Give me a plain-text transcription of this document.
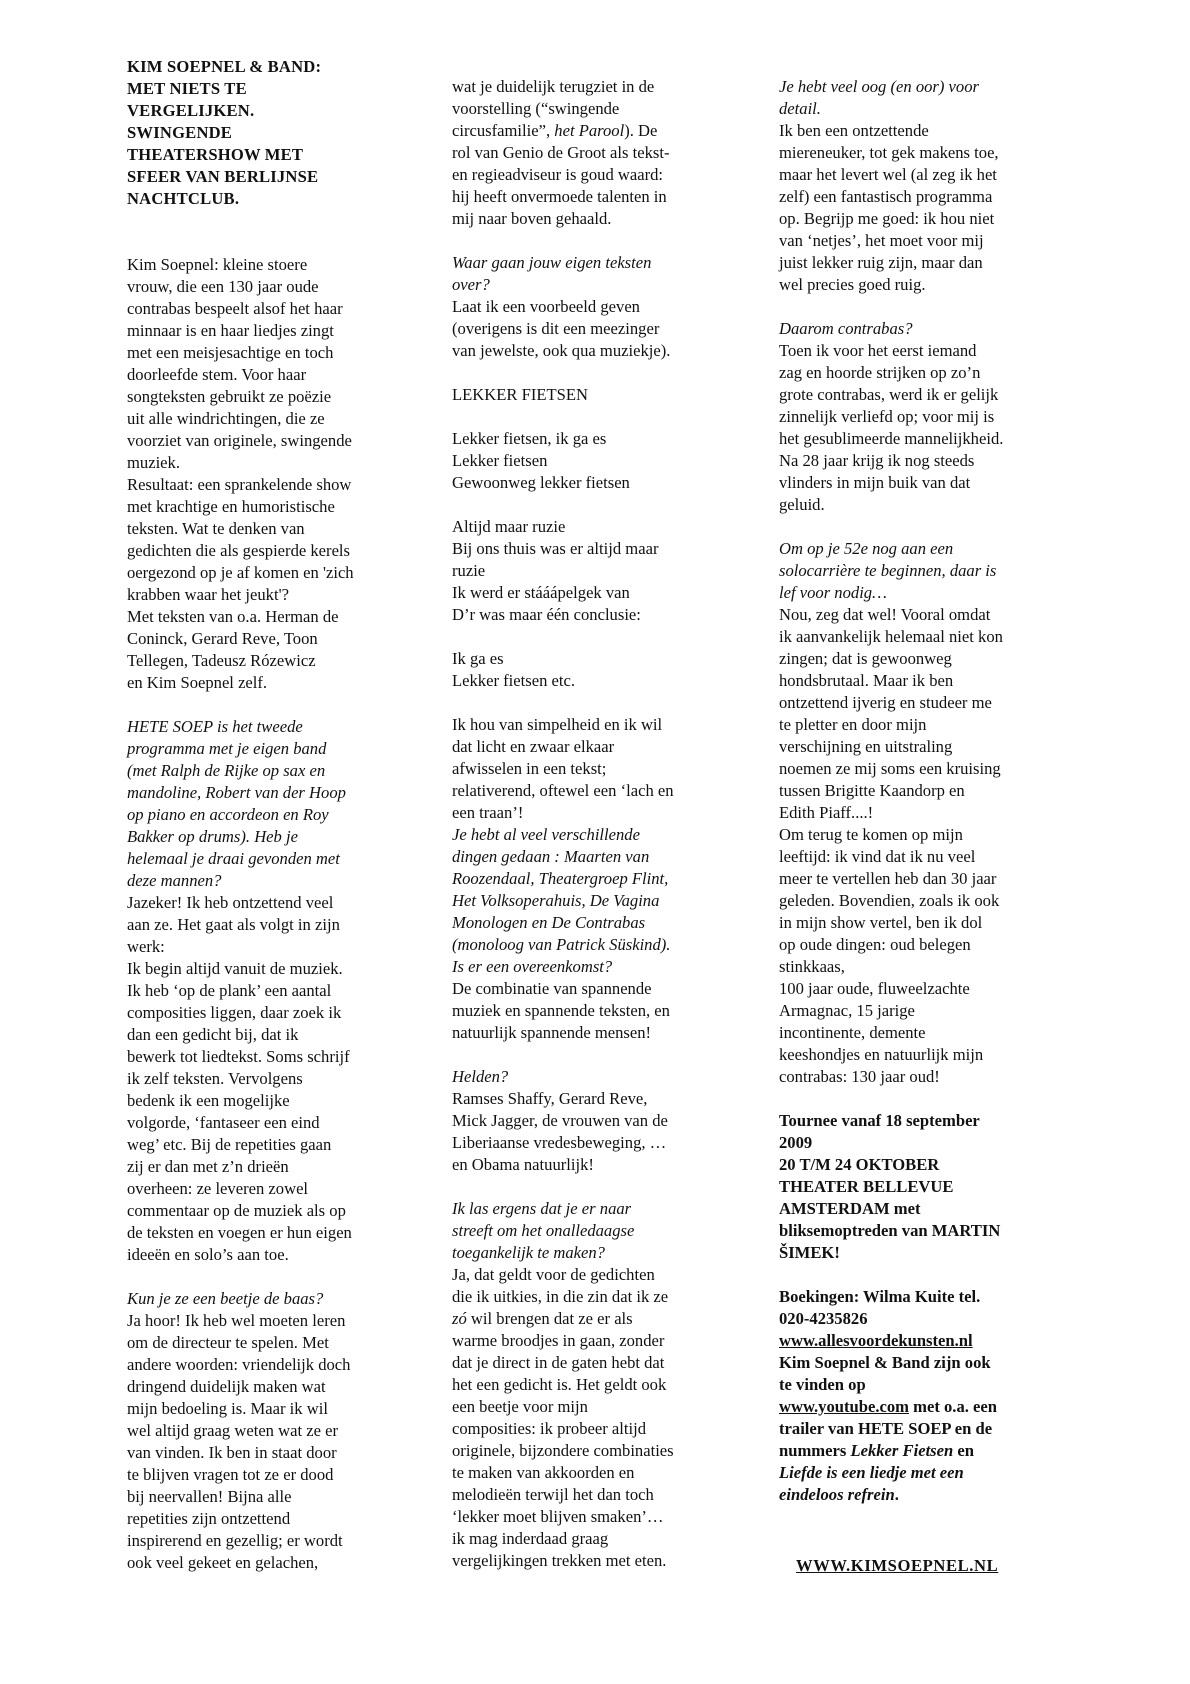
KIM SOEPNEL & BAND:
MET NIETS TE
VERGELIJKEN.
SWINGENDE
THEATERSHOW MET
SFEER VAN BERLIJNSE
NACHTCLUB.
Kim Soepnel: kleine stoere
vrouw, die een 130 jaar oude
contrabas bespeelt alsof het haar
minnaar is en haar liedjes zingt
met een meisjesachtige en toch
doorleefde stem. Voor haar
songteksten gebruikt ze poëzie
uit alle windrichtingen, die ze
voorziet van originele, swingende
muziek.
Resultaat: een sprankelende show
met krachtige en humoristische
teksten. Wat te denken van
gedichten die als gespierde kerels
oergezond op je af komen en 'zich
krabben waar het jeukt'?
Met teksten van o.a. Herman de
Coninck, Gerard Reve, Toon
Tellegen, Tadeusz Rózewicz
en Kim Soepnel zelf.
HETE SOEP is het tweede
programma met je eigen band
(met Ralph de Rijke op sax en
mandoline, Robert van der Hoop
op piano en accordeon en Roy
Bakker op drums). Heb je
helemaal je draai gevonden met
deze mannen?
Jazeker! Ik heb ontzettend veel
aan ze. Het gaat als volgt in zijn
werk:
Ik begin altijd vanuit de muziek.
Ik heb ‘op de plank’ een aantal
composities liggen, daar zoek ik
dan een gedicht bij, dat ik
bewerk tot liedtekst. Soms schrijf
ik zelf teksten. Vervolgens
bedenk ik een mogelijke
volgorde, ‘fantaseer een eind
weg’ etc. Bij de repetities gaan
zij er dan met z’n drieën
overheen: ze leveren zowel
commentaar op de muziek als op
de teksten en voegen er hun eigen
ideeën en solo’s aan toe.
Kun je ze een beetje de baas?
Ja hoor! Ik heb wel moeten leren
om de directeur te spelen. Met
andere woorden: vriendelijk doch
dringend duidelijk maken wat
mijn bedoeling is. Maar ik wil
wel altijd graag weten wat ze er
van vinden. Ik ben in staat door
te blijven vragen tot ze er dood
bij neervallen! Bijna alle
repetities zijn ontzettend
inspirerend en gezellig; er wordt
ook veel gekeet en gelachen,
wat je duidelijk terugziet in de
voorstelling (“swingende
circusfamilie”, het Parool). De
rol van Genio de Groot als tekst-
en regieadviseur is goud waard:
hij heeft onvermoede talenten in
mij naar boven gehaald.
Waar gaan jouw eigen teksten
over?
Laat ik een voorbeeld geven
(overigens is dit een meezinger
van jewelste, ook qua muziekje).
LEKKER FIETSEN
Lekker fietsen, ik ga es
Lekker fietsen
Gewoonweg lekker fietsen
Altijd maar ruzie
Bij ons thuis was er altijd maar
ruzie
Ik werd er stááápelgek van
D’r was maar één conclusie:
Ik ga es
Lekker fietsen etc.
Ik hou van simpelheid en ik wil
dat licht en zwaar elkaar
afwisselen in een tekst;
relativerend, oftewel een ‘lach en
een traan’!
Je hebt al veel verschillende
dingen gedaan : Maarten van
Roozendaal, Theatergroep Flint,
Het Volksoperahuis, De Vagina
Monologen en De Contrabas
(monoloog van Patrick Süskind).
Is er een overeenkomst?
De combinatie van spannende
muziek en spannende teksten, en
natuurlijk spannende mensen!
Helden?
Ramses Shaffy, Gerard Reve,
Mick Jagger, de vrouwen van de
Liberiaanse vredesbeweging, …
en Obama natuurlijk!
Ik las ergens dat je er naar
streeft om het onalledaagse
toegankelijk te maken?
Ja, dat geldt voor de gedichten
die ik uitkies, in die zin dat ik ze
zó wil brengen dat ze er als
warme broodjes in gaan, zonder
dat je direct in de gaten hebt dat
het een gedicht is. Het geldt ook
een beetje voor mijn
composities: ik probeer altijd
originele, bijzondere combinaties
te maken van akkoorden en
melodieën terwijl het dan toch
‘lekker moet blijven smaken’…
ik mag inderdaad graag
vergelijkingen trekken met eten.
Je hebt veel oog (en oor) voor
detail.
Ik ben een ontzettende
miereneuker, tot gek makens toe,
maar het levert wel (al zeg ik het
zelf) een fantastisch programma
op. Begrijp me goed: ik hou niet
van ‘netjes’, het moet voor mij
juist lekker ruig zijn, maar dan
wel precies goed ruig.
Daarom contrabas?
Toen ik voor het eerst iemand
zag en hoorde strijken op zo’n
grote contrabas, werd ik er gelijk
zinnelijk verliefd op; voor mij is
het gesublimeerde mannelijkheid.
Na 28 jaar krijg ik nog steeds
vlinders in mijn buik van dat
geluid.
Om op je 52e nog aan een
solocarrière te beginnen, daar is
lef voor nodig…
Nou, zeg dat wel! Vooral omdat
ik aanvankelijk helemaal niet kon
zingen; dat is gewoonweg
hondsbrutaal. Maar ik ben
ontzettend ijverig en studeer me
te pletter en door mijn
verschijning en uitstraling
noemen ze mij soms een kruising
tussen Brigitte Kaandorp en
Edith Piaff....!
Om terug te komen op mijn
leeftijd: ik vind dat ik nu veel
meer te vertellen heb dan 30 jaar
geleden. Bovendien, zoals ik ook
in mijn show vertel, ben ik dol
op oude dingen: oud belegen
stinkkaas,
100 jaar oude, fluweelzachte
Armagnac, 15 jarige
incontinente, demente
keeshondjes en natuurlijk mijn
contrabas: 130 jaar oud!
Tournee vanaf 18 september
2009
20 T/M 24 OKTOBER
THEATER BELLEVUE
AMSTERDAM met
bliksemoptreden van MARTIN
ŠIMEK!
Boekingen: Wilma Kuite tel.
020-4235826
www.allesvoordekunsten.nl
Kim Soepnel & Band zijn ook
te vinden op
www.youtube.com met o.a. een
trailer van HETE SOEP en de
nummers Lekker Fietsen en
Liefde is een liedje met een
eindeloos refrein.
WWW.KIMSOEPNEL.NL
